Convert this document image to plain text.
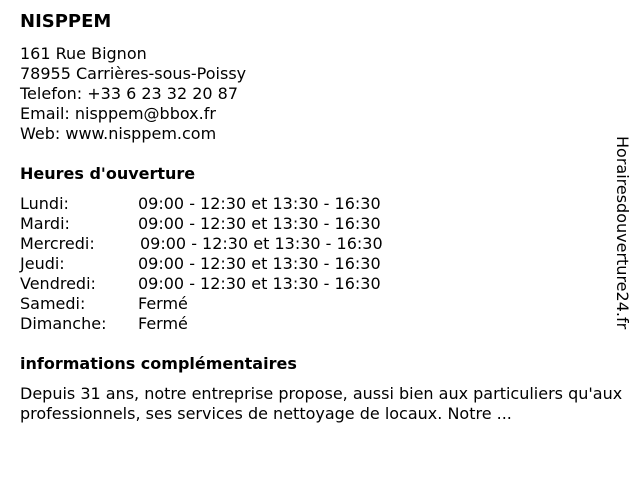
NISPPEM
161 Rue Bignon
78955 Carrières-sous-Poissy
Telefon: +33 6 23 32 20 87
Email: nisppem@bbox.fr
Web: www.nisppem.com
Heures d'ouverture
Lundi:	09:00 - 12:30 et 13:30 - 16:30
Mardi:	09:00 - 12:30 et 13:30 - 16:30
Mercredi:	09:00 - 12:30 et 13:30 - 16:30
Jeudi:	09:00 - 12:30 et 13:30 - 16:30
Vendredi:	09:00 - 12:30 et 13:30 - 16:30
Samedi:	Fermé
Dimanche: Fermé
informations complémentaires
Depuis 31 ans, notre entreprise propose, aussi bien aux particuliers qu'aux professionnels, ses services de nettoyage de locaux. Notre ...
Horairesdouverture24.fr
